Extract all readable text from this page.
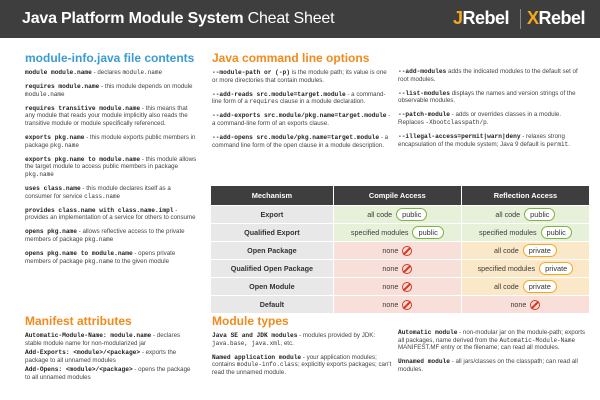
Java Platform Module System Cheat Sheet	JRebel XRebel
module-info.java file contents
module module.name - declares module.name
requires module.name - this module depends on module module.name
requires transitive module.name - this means that any module that reads your module implicitly also reads the transitive module or module specifically referenced.
exports pkg.name - this module exports public members in package pkg.name
exports pkg.name to module.name - this module allows the target module to access public members in package pkg.name
uses class.name - this module declares itself as a consumer for service class.name
provides class.name with class.name.impl - provides an implementation of a service for others to consume
opens pkg.name - allows reflective access to the private members of package pkg.name
opens pkg.name to module.name - opens private members of package pkg.name to the given module
Manifest attributes
Automatic-Module-Name: module.name - declares stable module name for non-modularized jar
Add-Exports: <module>/<package> - exports the package to all unnamed modules
Add-Opens: <module>/<package> - opens the package to all unnamed modules
Java command line options
--module-path or (-p) is the module path; its value is one or more directories that contain modules.
--add-reads src.module=target.module - a command-line form of a requires clause in a module declaration.
--add-exports src.module/pkg.name=target.module - a command-line form of an exports clause.
--add-opens src.module/pkg.name=target.module - a command line form of the open clause in a module description.
--add-modules adds the indicated modules to the default set of root modules.
--list-modules displays the names and version strings of the observable modules.
--patch-module - adds or overrides classes in a module. Replaces -Xbootclasspath/p.
--illegal-access=permit|warn|deny - relaxes strong encapsulation of the module system; Java 9 default is permit.
Mechanism	Compile Access	Reflection Access
Export	all code public	all code public

Qualified Export	specified modules public	specified modules public

Open Package	none	all code private

Qualified Open Package	none	specified modules private

Open Module	none	all code private

Default	none	none
Module types
Java SE and JDK modules - modules provided by JDK: java.base, java.xml, etc.
Named application module - your application modules; contains module-info.class; explicitly exports packages; can't read the unnamed module.
Automatic module - non-modular jar on the module-path; exports all packages, name derived from the Automatic-Module-Name MANIFEST.MF entry or the filename; can read all modules.
Unnamed module - all jars/classes on the classpath; can read all modules.
